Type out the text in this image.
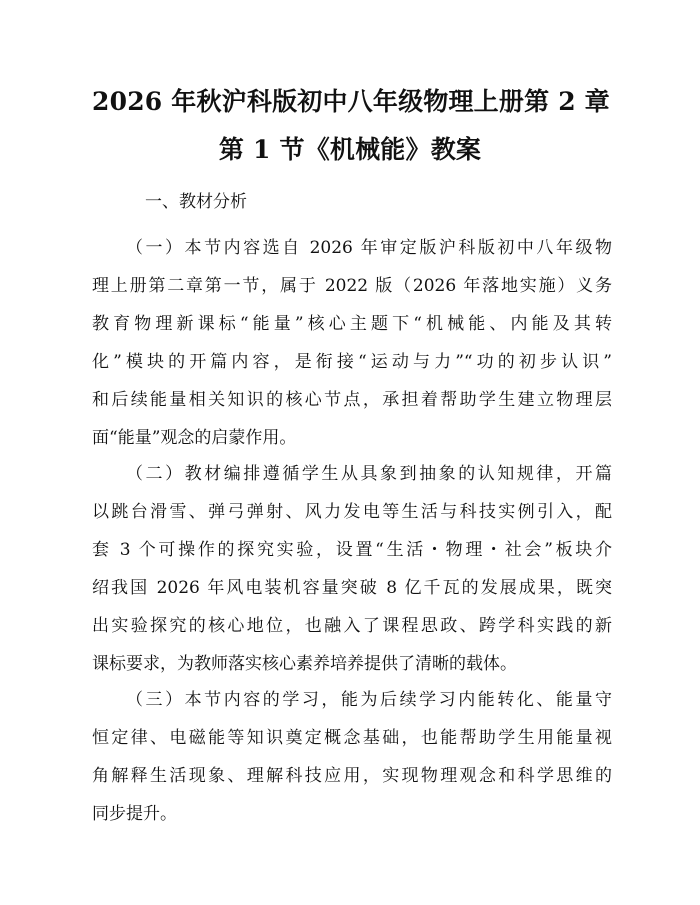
2026 年秋沪科版初中八年级物理上册第 2 章
第 1 节《机械能》教案
一、教材分析
（一）本节内容选自 2026 年审定版沪科版初中八年级物
理上册第二章第一节，属于 2022 版（2026 年落地实施）义务
教育物理新课标“能量”核心主题下“机械能、内能及其转
化”模块的开篇内容，是衔接“运动与力”“功的初步认识”
和后续能量相关知识的核心节点，承担着帮助学生建立物理层
面“能量”观念的启蒙作用。
（二）教材编排遵循学生从具象到抽象的认知规律，开篇
以跳台滑雪、弹弓弹射、风力发电等生活与科技实例引入，配
套 3 个可操作的探究实验，设置“生活・物理・社会”板块介
绍我国 2026 年风电装机容量突破 8 亿千瓦的发展成果，既突
出实验探究的核心地位，也融入了课程思政、跨学科实践的新
课标要求，为教师落实核心素养培养提供了清晰的载体。
（三）本节内容的学习，能为后续学习内能转化、能量守
恒定律、电磁能等知识奠定概念基础，也能帮助学生用能量视
角解释生活现象、理解科技应用，实现物理观念和科学思维的
同步提升。
